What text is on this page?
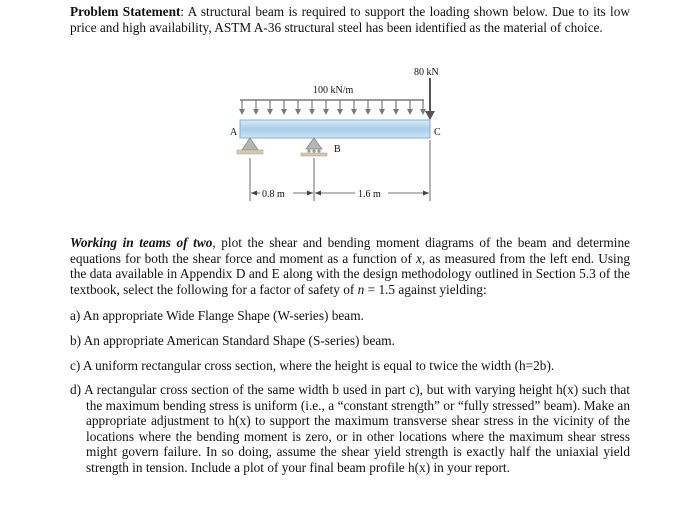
Problem Statement: A structural beam is required to support the loading shown below. Due to its low price and high availability, ASTM A-36 structural steel has been identified as the material of choice.
80 kN
100 kN/m
A	C
B
0.8 m	1.6 m
Working in teams of two, plot the shear and bending moment diagrams of the beam and determine equations for both the shear force and moment as a function of x, as measured from the left end. Using the data available in Appendix D and E along with the design methodology outlined in Section 5.3 of the textbook, select the following for a factor of safety of n = 1.5 against yielding:
a) An appropriate Wide Flange Shape (W-series) beam.
b) An appropriate American Standard Shape (S-series) beam.
c) A uniform rectangular cross section, where the height is equal to twice the width (h=2b).
d) A rectangular cross section of the same width b used in part c), but with varying height h(x) such that the maximum bending stress is uniform (i.e., a “constant strength” or “fully stressed” beam). Make an appropriate adjustment to h(x) to support the maximum transverse shear stress in the vicinity of the locations where the bending moment is zero, or in other locations where the maximum shear stress might govern failure. In so doing, assume the shear yield strength is exactly half the uniaxial yield strength in tension. Include a plot of your final beam profile h(x) in your report.
